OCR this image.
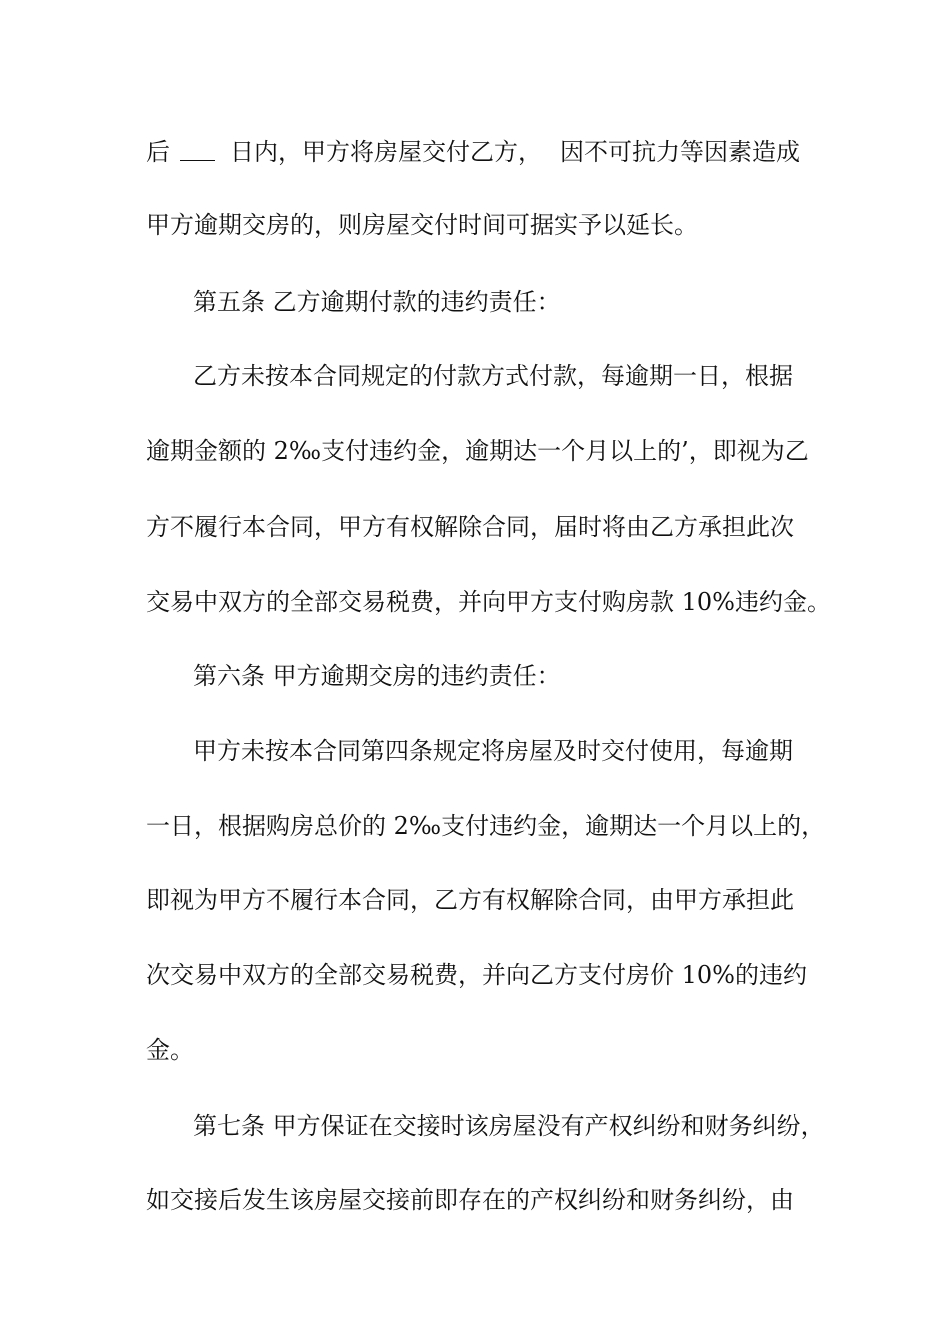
后

	日内，甲方将房屋交付乙方，

因不可抗力等因素造成

甲方逾期交房的，则房屋交付时间可据实予以延长。

第五条 乙方逾期付款的违约责任：

乙方未按本合同规定的付款方式付款，每逾期一日，根据

逾期金额的 2‰支付违约金，逾期达一个月以上的’，即视为乙

方不履行本合同，甲方有权解除合同，届时将由乙方承担此次

交易中双方的全部交易税费，并向甲方支付购房款 10%违约金。

第六条 甲方逾期交房的违约责任：

甲方未按本合同第四条规定将房屋及时交付使用，每逾期

一日，根据购房总价的 2‰支付违约金，逾期达一个月以上的，

即视为甲方不履行本合同，乙方有权解除合同，由甲方承担此

次交易中双方的全部交易税费，并向乙方支付房价 10%的违约

金。

第七条 甲方保证在交接时该房屋没有产权纠纷和财务纠纷，

如交接后发生该房屋交接前即存在的产权纠纷和财务纠纷，由
